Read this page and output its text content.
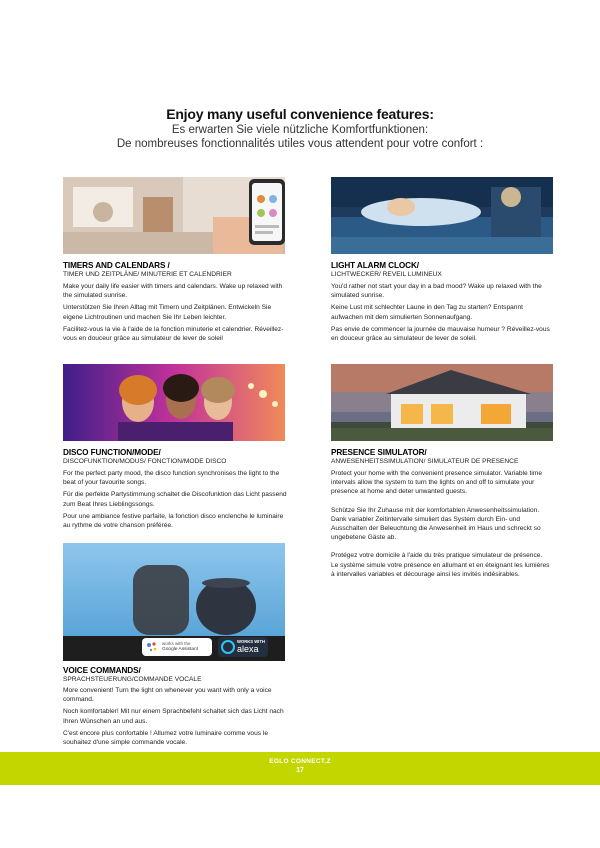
Enjoy many useful convenience features:
Es erwarten Sie viele nützliche Komfortfunktionen:
De nombreuses fonctionnalités utiles vous attendent pour votre confort :
TIMERS AND CALENDARS /
TIMER UND ZEITPLÄNE/ MINUTERIE ET CALENDRIER

Make your daily life easier with timers and calendars. Wake up relaxed with the simulated sunrise.

Unterstützen Sie Ihren Alltag mit Timern und Zeitplänen. Entwickeln Sie eigene Lichtroutinen und machen Sie Ihr Leben leichter.

Facilitez-vous la vie à l'aide de la fonction minuterie et calendrier. Réveillez-vous en douceur grâce au simulateur de lever de soleil

LIGHT ALARM CLOCK/
LICHTWECKER/ REVEIL LUMINEUX

You'd rather not start your day in a bad mood? Wake up relaxed with the simulated sunrise.

Keine Lust mit schlechter Laune in den Tag zu starten? Entspannt aufwachen mit dem simulierten Sonnenaufgang.

Pas envie de commencer la journée de mauvaise humeur ? Réveillez-vous en douceur grâce au simulateur de lever de soleil.

DISCO FUNCTION/MODE/
DISCOFUNKTION/MODUS/ FONCTION/MODE DISCO

For the perfect party mood, the disco function synchronises the light to the beat of your favourite songs.

Für die perfekte Partystimmung schaltet die Discofunktion das Licht passend zum Beat Ihres Lieblingssongs.

Pour une ambiance festive parfaite, la fonction disco enclenche le luminaire au rythme de votre chanson préférée.

PRESENCE SIMULATOR/
ANWESENHEITSSIMULATION/ SIMULATEUR DE PRESENCE

Protect your home with the convenient presence simulator. Variable time intervals allow the system to turn the lights on and off to simulate your presence at home and deter unwanted guests.

Schütze Sie Ihr Zuhause mit der komfortablen Anwesenheitssimulation. Dank variabler Zeitintervalle simuliert das System durch Ein- und Ausschalten der Beleuchtung die Anwesenheit im Haus und schreckt so ungebetene Gäste ab.

Protégez votre domicile à l'aide du très pratique simulateur de présence. Le système simule votre présence en allumant et en éteignant les lumières à intervalles variables et décourage ainsi les invités indésirables.

works with the
Google Assistant
WORKS WITH
alexa
VOICE COMMANDS/
SPRACHSTEUERUNG/COMMANDE VOCALE

More convenient! Turn the light on whenever you want with only a voice command.

Noch komfortabler! Mit nur einem Sprachbefehl schaltet sich das Licht nach Ihren Wünschen an und aus.

C'est encore plus confortable ! Allumez votre luminaire comme vous le souhaitez d'une simple commande vocale.

EGLO CONNECT.Z
17
